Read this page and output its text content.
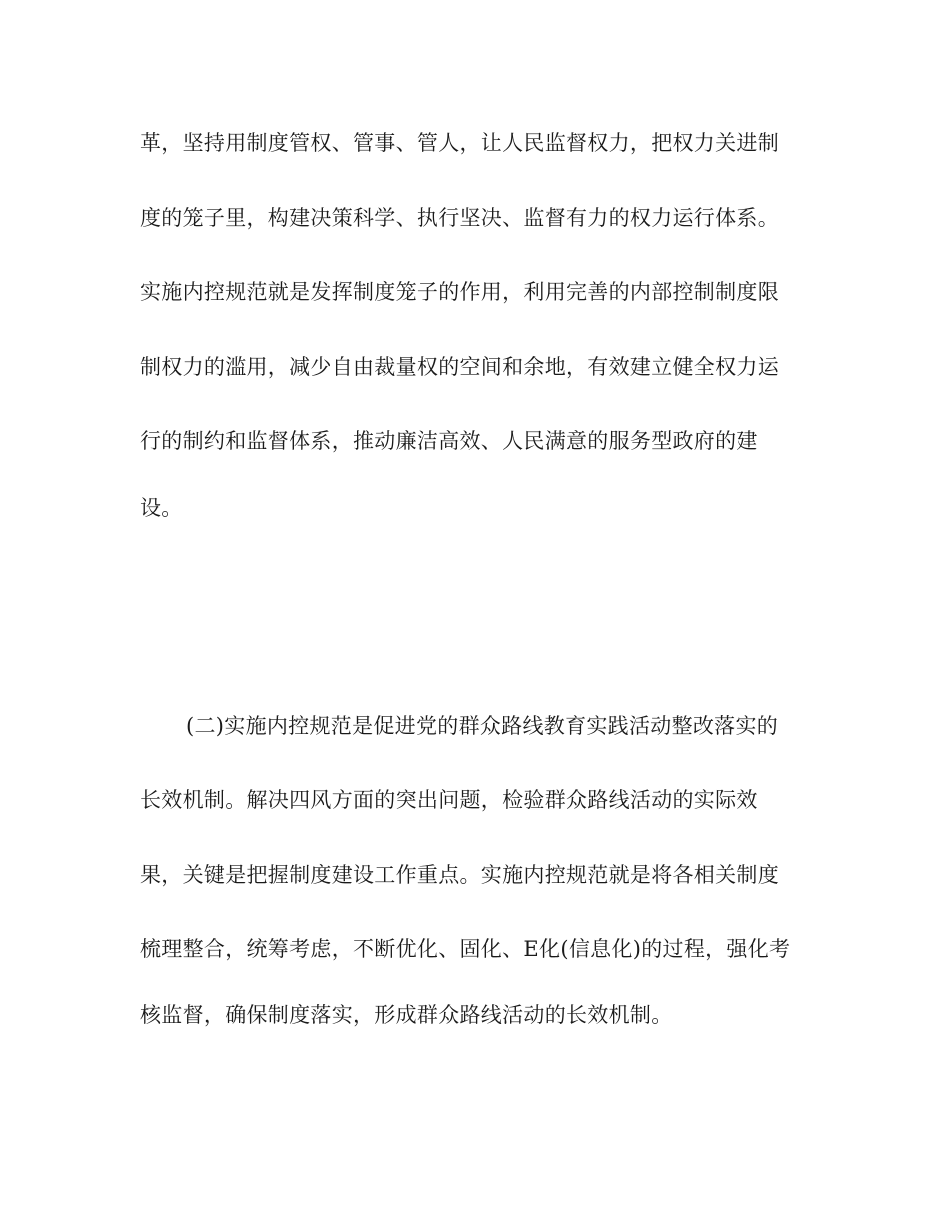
革，坚持用制度管权、管事、管人，让人民监督权力，把权力关进制
度的笼子里，构建决策科学、执行坚决、监督有力的权力运行体系。
实施内控规范就是发挥制度笼子的作用，利用完善的内部控制制度限
制权力的滥用，减少自由裁量权的空间和余地，有效建立健全权力运
行的制约和监督体系，推动廉洁高效、人民满意的服务型政府的建
设。
(二)实施内控规范是促进党的群众路线教育实践活动整改落实的
长效机制。解决四风方面的突出问题，检验群众路线活动的实际效
果，关键是把握制度建设工作重点。实施内控规范就是将各相关制度
梳理整合，统筹考虑，不断优化、固化、E化(信息化)的过程，强化考
核监督，确保制度落实，形成群众路线活动的长效机制。
